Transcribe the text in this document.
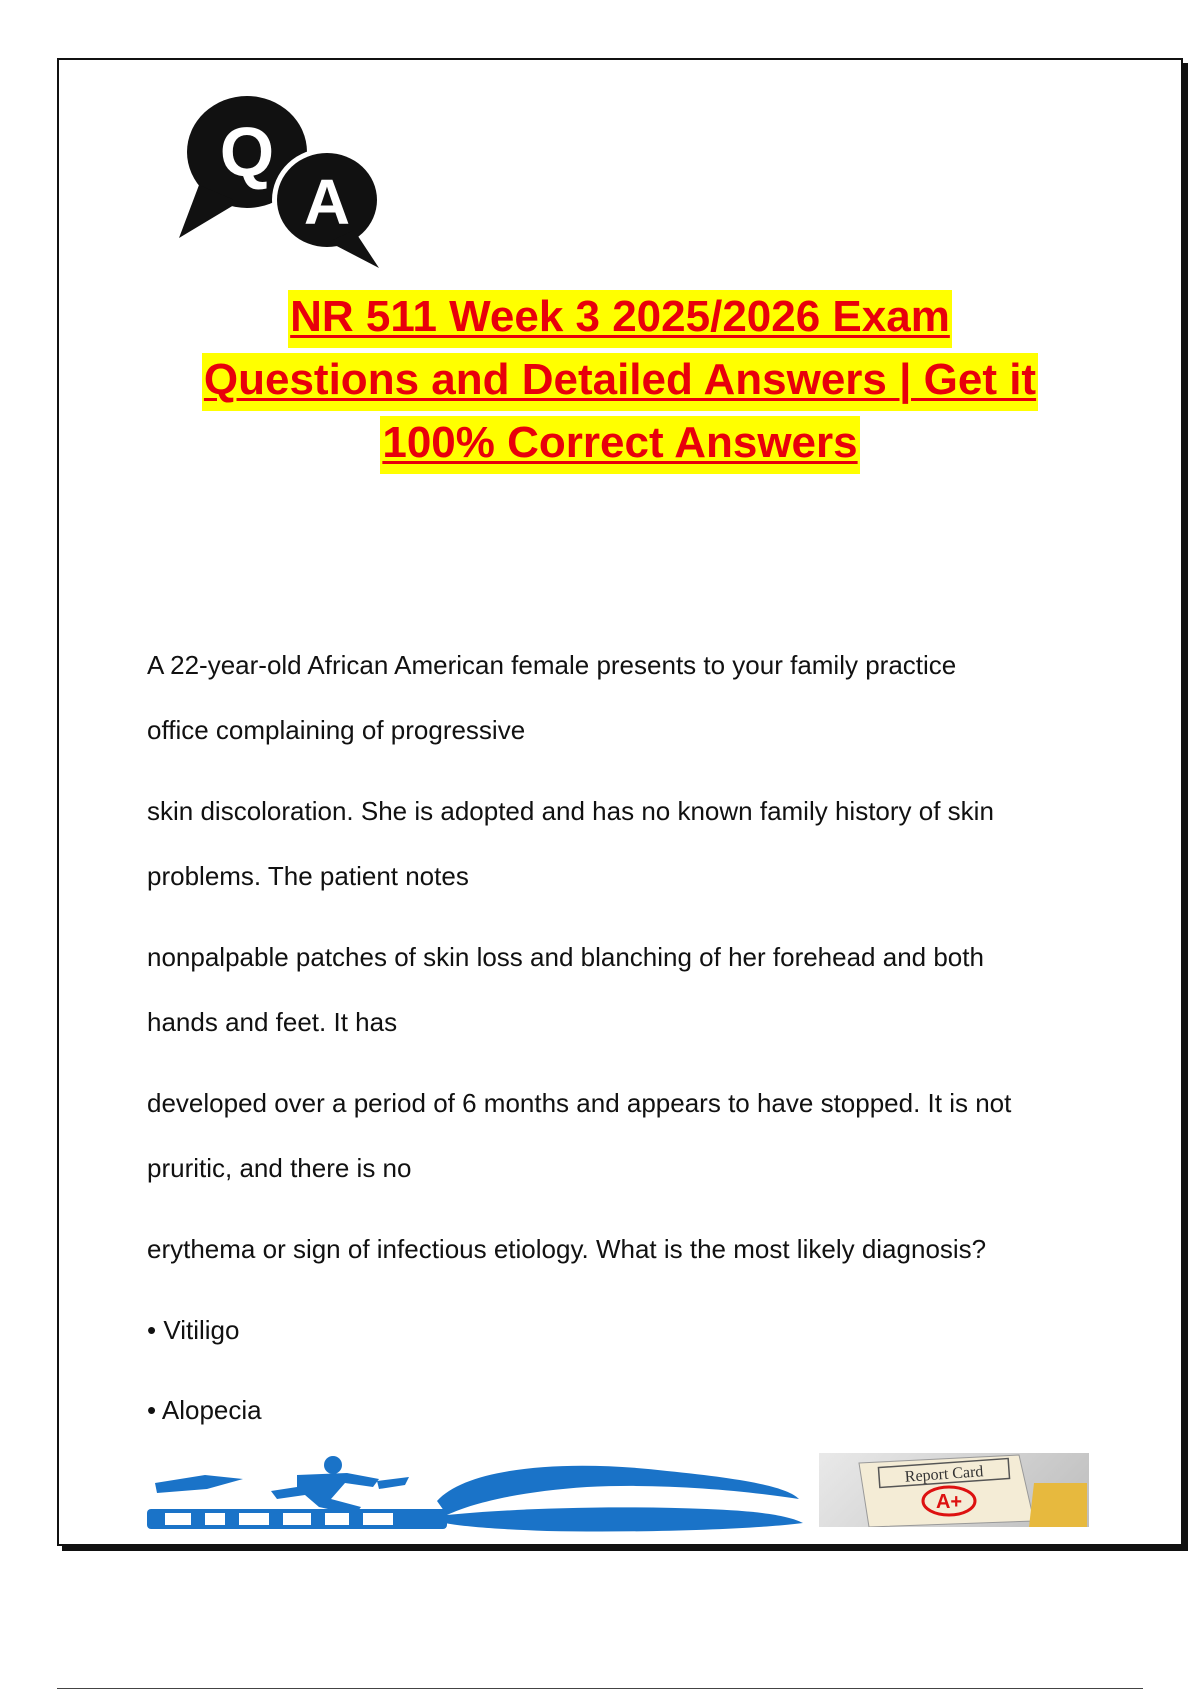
Q
A
NR 511 Week 3 2025/2026 Exam
Questions and Detailed Answers | Get it
100% Correct Answers
A 22-year-old African American female presents to your family practice
office complaining of progressive
skin discoloration. She is adopted and has no known family history of skin
problems. The patient notes
nonpalpable patches of skin loss and blanching of her forehead and both
hands and feet. It has
developed over a period of 6 months and appears to have stopped. It is not
pruritic, and there is no
erythema or sign of infectious etiology. What is the most likely diagnosis?
• Vitiligo
• Alopecia
Report Card
A+
